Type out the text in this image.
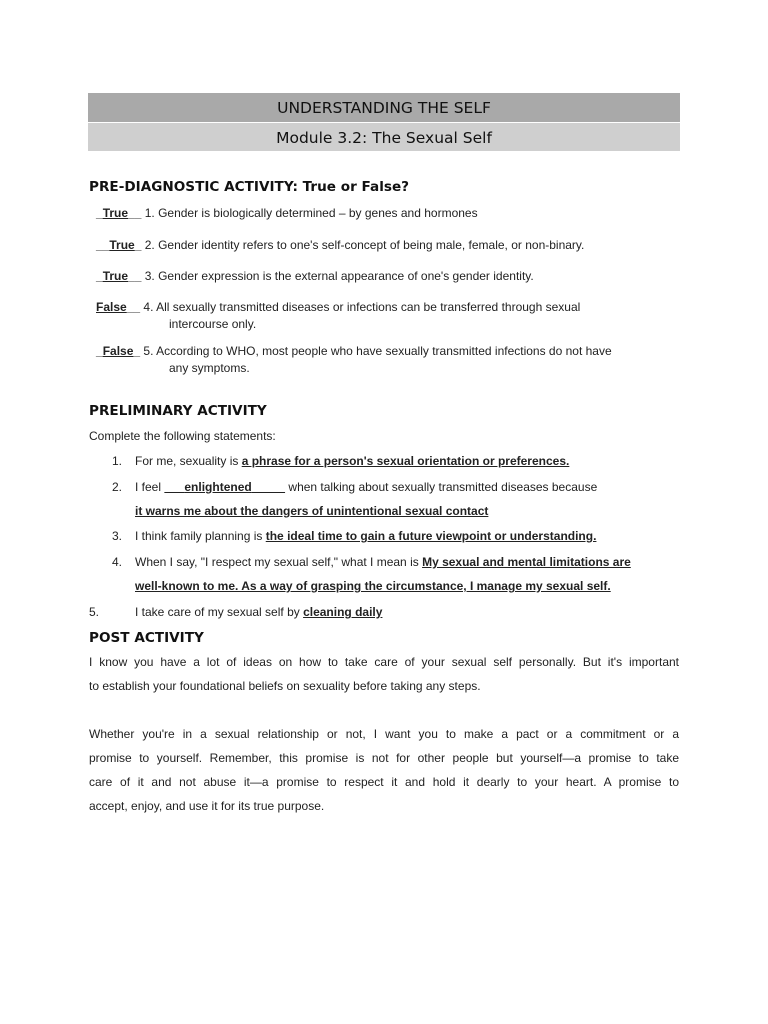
UNDERSTANDING THE SELF
Module 3.2: The Sexual Self
PRE-DIAGNOSTIC ACTIVITY: True or False?
_True__ 1. Gender is biologically determined – by genes and hormones
__True_ 2. Gender identity refers to one's self-concept of being male, female, or non-binary.
_True__ 3. Gender expression is the external appearance of one's gender identity.
False__ 4. All sexually transmitted diseases or infections can be transferred through sexual
intercourse only.
_False_ 5. According to WHO, most people who have sexually transmitted infections do not have
any symptoms.
PRELIMINARY ACTIVITY
Complete the following statements:
1. For me, sexuality is a phrase for a person's sexual orientation or preferences.
2. I feel       enlightened	when talking about sexually transmitted diseases because
it warns me about the dangers of unintentional sexual contact
3. I think family planning is the ideal time to gain a future viewpoint or understanding.
4. When I say, "I respect my sexual self," what I mean is My sexual and mental limitations are
well-known to me. As a way of grasping the circumstance, I manage my sexual self.
5.	I take care of my sexual self by cleaning daily
POST ACTIVITY
I know you have a lot of ideas on how to take care of your sexual self personally. But it's important
to establish your foundational beliefs on sexuality before taking any steps.
Whether you're in a sexual relationship or not, I want you to make a pact or a commitment or a
promise to yourself. Remember, this promise is not for other people but yourself—a promise to take
care of it and not abuse it—a promise to respect it and hold it dearly to your heart. A promise to
accept, enjoy, and use it for its true purpose.
